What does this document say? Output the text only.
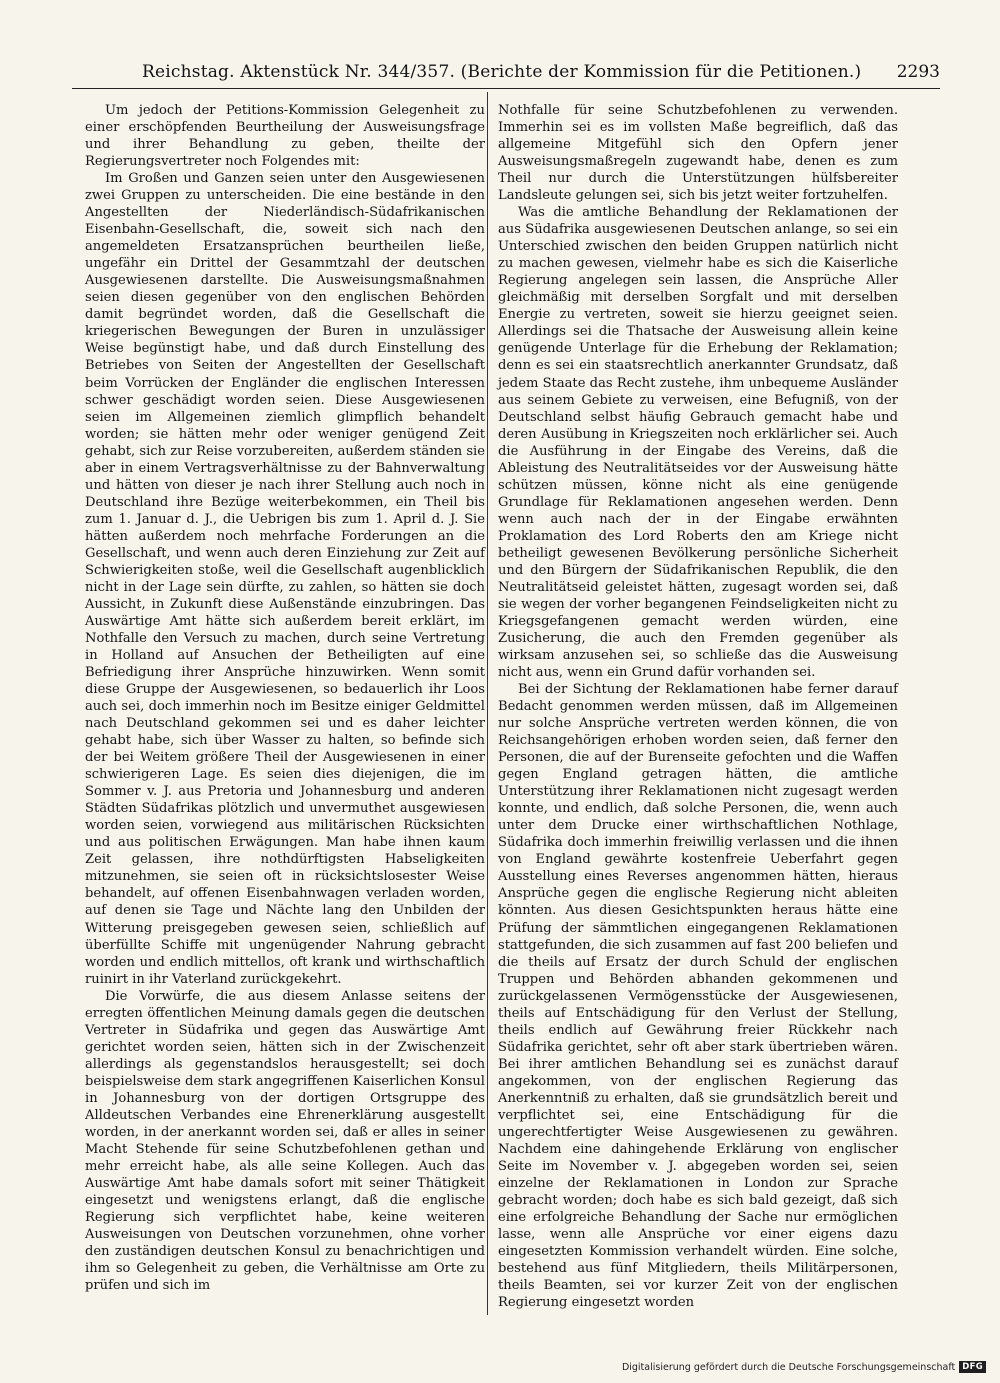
Reichstag. Aktenstück Nr. 344/357. (Berichte der Kommission für die Petitionen.) 2293

Um jedoch der Petitions-Kommission Gelegenheit zu einer erschöpfenden Beurtheilung der Ausweisungsfrage und ihrer Behandlung zu geben, theilte der Regierungsvertreter noch Folgendes mit:

Im Großen und Ganzen seien unter den Ausgewiesenen zwei Gruppen zu unterscheiden. Die eine bestände in den Angestellten der Niederländisch-Südafrikanischen Eisenbahn-Gesellschaft, die, soweit sich nach den angemeldeten Ersatzansprüchen beurtheilen ließe, ungefähr ein Drittel der Gesammtzahl der deutschen Ausgewiesenen darstellte. Die Ausweisungsmaßnahmen seien diesen gegenüber von den englischen Behörden damit begründet worden, daß die Gesellschaft die kriegerischen Bewegungen der Buren in unzulässiger Weise begünstigt habe, und daß durch Einstellung des Betriebes von Seiten der Angestellten der Gesellschaft beim Vorrücken der Engländer die englischen Interessen schwer geschädigt worden seien. Diese Ausgewiesenen seien im Allgemeinen ziemlich glimpflich behandelt worden; sie hätten mehr oder weniger genügend Zeit gehabt, sich zur Reise vorzubereiten, außerdem ständen sie aber in einem Vertragsverhältnisse zu der Bahnverwaltung und hätten von dieser je nach ihrer Stellung auch noch in Deutschland ihre Bezüge weiterbekommen, ein Theil bis zum 1. Januar d. J., die Uebrigen bis zum 1. April d. J. Sie hätten außerdem noch mehrfache Forderungen an die Gesellschaft, und wenn auch deren Einziehung zur Zeit auf Schwierigkeiten stoße, weil die Gesellschaft augenblicklich nicht in der Lage sein dürfte, zu zahlen, so hätten sie doch Aussicht, in Zukunft diese Außenstände einzubringen. Das Auswärtige Amt hätte sich außerdem bereit erklärt, im Nothfalle den Versuch zu machen, durch seine Vertretung in Holland auf Ansuchen der Betheiligten auf eine Befriedigung ihrer Ansprüche hinzuwirken. Wenn somit diese Gruppe der Ausgewiesenen, so bedauerlich ihr Loos auch sei, doch immerhin noch im Besitze einiger Geldmittel nach Deutschland gekommen sei und es daher leichter gehabt habe, sich über Wasser zu halten, so befinde sich der bei Weitem größere Theil der Ausgewiesenen in einer schwierigeren Lage. Es seien dies diejenigen, die im Sommer v. J. aus Pretoria und Johannesburg und anderen Städten Südafrikas plötzlich und unvermuthet ausgewiesen worden seien, vorwiegend aus militärischen Rücksichten und aus politischen Erwägungen. Man habe ihnen kaum Zeit gelassen, ihre nothdürftigsten Habseligkeiten mitzunehmen, sie seien oft in rücksichtslosester Weise behandelt, auf offenen Eisenbahnwagen verladen worden, auf denen sie Tage und Nächte lang den Unbilden der Witterung preisgegeben gewesen seien, schließlich auf überfüllte Schiffe mit ungenügender Nahrung gebracht worden und endlich mittellos, oft krank und wirthschaftlich ruinirt in ihr Vaterland zurückgekehrt.

Die Vorwürfe, die aus diesem Anlasse seitens der erregten öffentlichen Meinung damals gegen die deutschen Vertreter in Südafrika und gegen das Auswärtige Amt gerichtet worden seien, hätten sich in der Zwischenzeit allerdings als gegenstandslos herausgestellt; sei doch beispielsweise dem stark angegriffenen Kaiserlichen Konsul in Johannesburg von der dortigen Ortsgruppe des Alldeutschen Verbandes eine Ehrenerklärung ausgestellt worden, in der anerkannt worden sei, daß er alles in seiner Macht Stehende für seine Schutzbefohlenen gethan und mehr erreicht habe, als alle seine Kollegen. Auch das Auswärtige Amt habe damals sofort mit seiner Thätigkeit eingesetzt und wenigstens erlangt, daß die englische Regierung sich verpflichtet habe, keine weiteren Ausweisungen von Deutschen vorzunehmen, ohne vorher den zuständigen deutschen Konsul zu benachrichtigen und ihm so Gelegenheit zu geben, die Verhältnisse am Orte zu prüfen und sich im

Nothfalle für seine Schutzbefohlenen zu verwenden. Immerhin sei es im vollsten Maße begreiflich, daß das allgemeine Mitgefühl sich den Opfern jener Ausweisungsmaßregeln zugewandt habe, denen es zum Theil nur durch die Unterstützungen hülfsbereiter Landsleute gelungen sei, sich bis jetzt weiter fortzuhelfen.

Was die amtliche Behandlung der Reklamationen der aus Südafrika ausgewiesenen Deutschen anlange, so sei ein Unterschied zwischen den beiden Gruppen natürlich nicht zu machen gewesen, vielmehr habe es sich die Kaiserliche Regierung angelegen sein lassen, die Ansprüche Aller gleichmäßig mit derselben Sorgfalt und mit derselben Energie zu vertreten, soweit sie hierzu geeignet seien. Allerdings sei die Thatsache der Ausweisung allein keine genügende Unterlage für die Erhebung der Reklamation; denn es sei ein staatsrechtlich anerkannter Grundsatz, daß jedem Staate das Recht zustehe, ihm unbequeme Ausländer aus seinem Gebiete zu verweisen, eine Befugniß, von der Deutschland selbst häufig Gebrauch gemacht habe und deren Ausübung in Kriegszeiten noch erklärlicher sei. Auch die Ausführung in der Eingabe des Vereins, daß die Ableistung des Neutralitätseides vor der Ausweisung hätte schützen müssen, könne nicht als eine genügende Grundlage für Reklamationen angesehen werden. Denn wenn auch nach der in der Eingabe erwähnten Proklamation des Lord Roberts den am Kriege nicht betheiligt gewesenen Bevölkerung persönliche Sicherheit und den Bürgern der Südafrikanischen Republik, die den Neutralitätseid geleistet hätten, zugesagt worden sei, daß sie wegen der vorher begangenen Feindseligkeiten nicht zu Kriegsgefangenen gemacht werden würden, eine Zusicherung, die auch den Fremden gegenüber als wirksam anzusehen sei, so schließe das die Ausweisung nicht aus, wenn ein Grund dafür vorhanden sei.

Bei der Sichtung der Reklamationen habe ferner darauf Bedacht genommen werden müssen, daß im Allgemeinen nur solche Ansprüche vertreten werden können, die von Reichsangehörigen erhoben worden seien, daß ferner den Personen, die auf der Burenseite gefochten und die Waffen gegen England getragen hätten, die amtliche Unterstützung ihrer Reklamationen nicht zugesagt werden konnte, und endlich, daß solche Personen, die, wenn auch unter dem Drucke einer wirthschaftlichen Nothlage, Südafrika doch immerhin freiwillig verlassen und die ihnen von England gewährte kostenfreie Ueberfahrt gegen Ausstellung eines Reverses angenommen hätten, hieraus Ansprüche gegen die englische Regierung nicht ableiten könnten. Aus diesen Gesichtspunkten heraus hätte eine Prüfung der sämmtlichen eingegangenen Reklamationen stattgefunden, die sich zusammen auf fast 200 beliefen und die theils auf Ersatz der durch Schuld der englischen Truppen und Behörden abhanden gekommenen und zurückgelassenen Vermögensstücke der Ausgewiesenen, theils auf Entschädigung für den Verlust der Stellung, theils endlich auf Gewährung freier Rückkehr nach Südafrika gerichtet, sehr oft aber stark übertrieben wären. Bei ihrer amtlichen Behandlung sei es zunächst darauf angekommen, von der englischen Regierung das Anerkenntniß zu erhalten, daß sie grundsätzlich bereit und verpflichtet sei, eine Entschädigung für die ungerechtfertigter Weise Ausgewiesenen zu gewähren. Nachdem eine dahingehende Erklärung von englischer Seite im November v. J. abgegeben worden sei, seien einzelne der Reklamationen in London zur Sprache gebracht worden; doch habe es sich bald gezeigt, daß sich eine erfolgreiche Behandlung der Sache nur ermöglichen lasse, wenn alle Ansprüche vor einer eigens dazu eingesetzten Kommission verhandelt würden. Eine solche, bestehend aus fünf Mitgliedern, theils Militärpersonen, theils Beamten, sei vor kurzer Zeit von der englischen Regierung eingesetzt worden

Digitalisierung gefördert durch die Deutsche Forschungsgemeinschaft DFG
